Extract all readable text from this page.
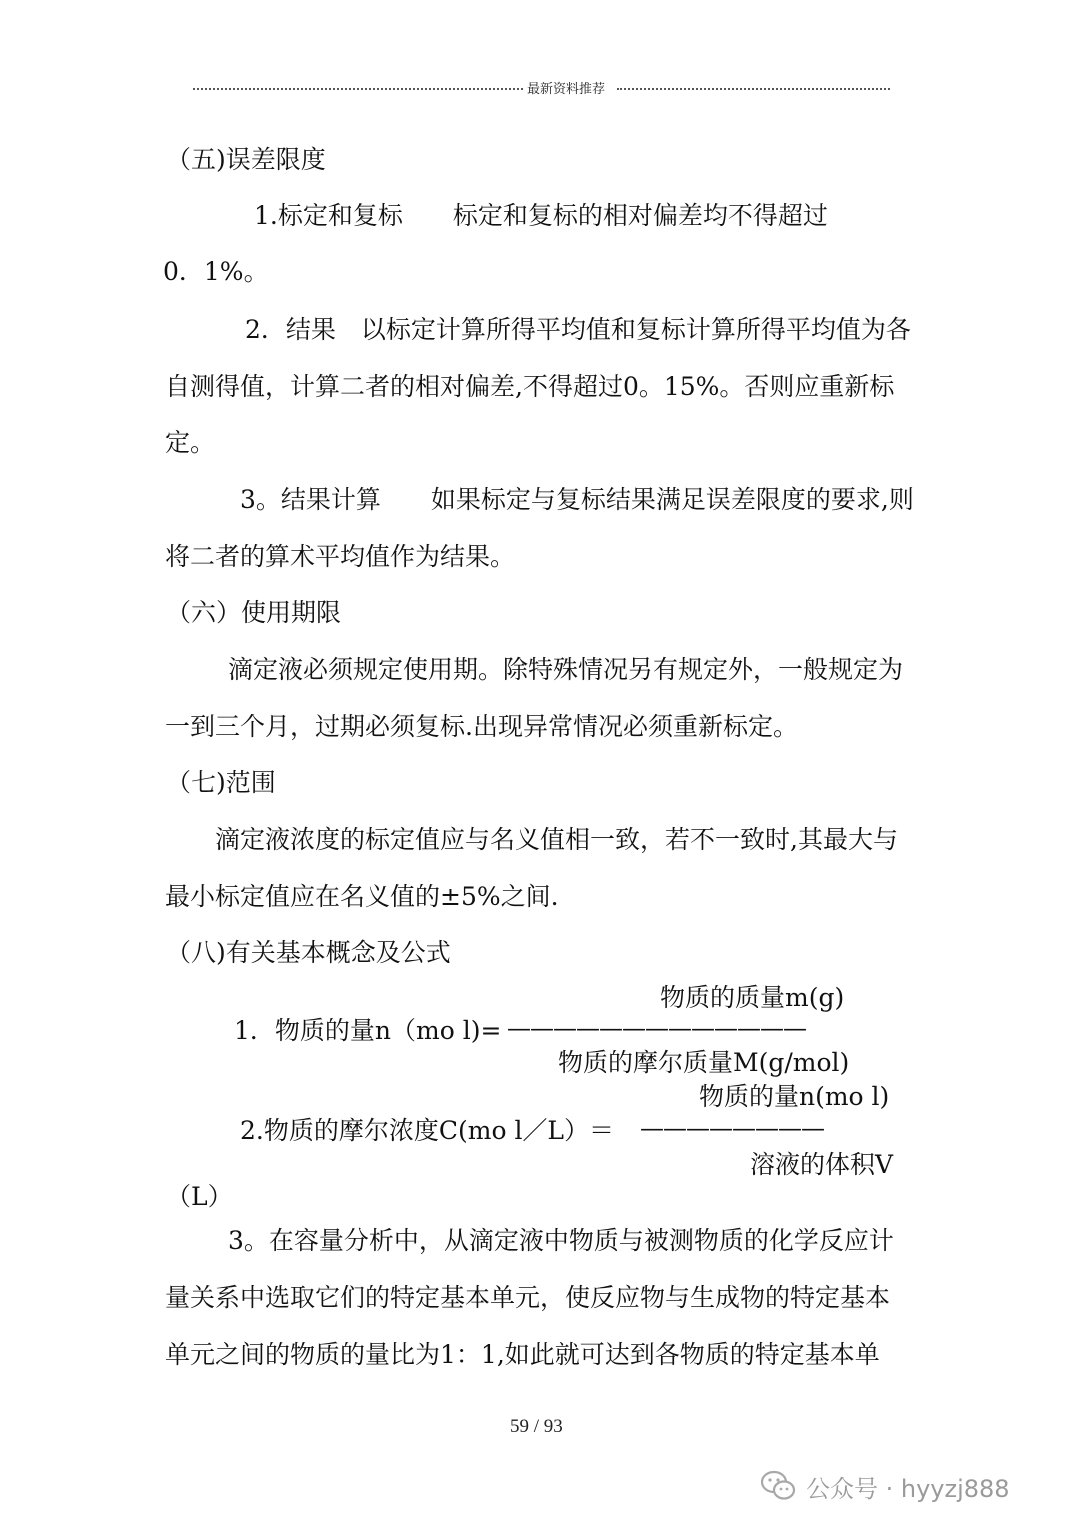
最新资料推荐
（五)误差限度
1.标定和复标　　标定和复标的相对偏差均不得超过
0．1%。
2．结果　以标定计算所得平均值和复标计算所得平均值为各
自测得值，计算二者的相对偏差,不得超过0。15%。否则应重新标
定。
3。结果计算　　如果标定与复标结果满足误差限度的要求,则
将二者的算术平均值作为结果。
（六）使用期限
滴定液必须规定使用期。除特殊情况另有规定外，一般规定为
一到三个月，过期必须复标.出现异常情况必须重新标定。
（七)范围
滴定液浓度的标定值应与名义值相一致，若不一致时,其最大与
最小标定值应在名义值的±5%之间.
（八)有关基本概念及公式
物质的质量m(g)
1．物质的量n（mo l)= —————————————
物质的摩尔质量M(g/mol)
物质的量n(mo l)
2.物质的摩尔浓度C(mo l／L）＝ ————————
溶液的体积V
（L）
3。在容量分析中，从滴定液中物质与被测物质的化学反应计
量关系中选取它们的特定基本单元，使反应物与生成物的特定基本
单元之间的物质的量比为1：1,如此就可达到各物质的特定基本单
59 / 93
公众号 · hyyzj888
